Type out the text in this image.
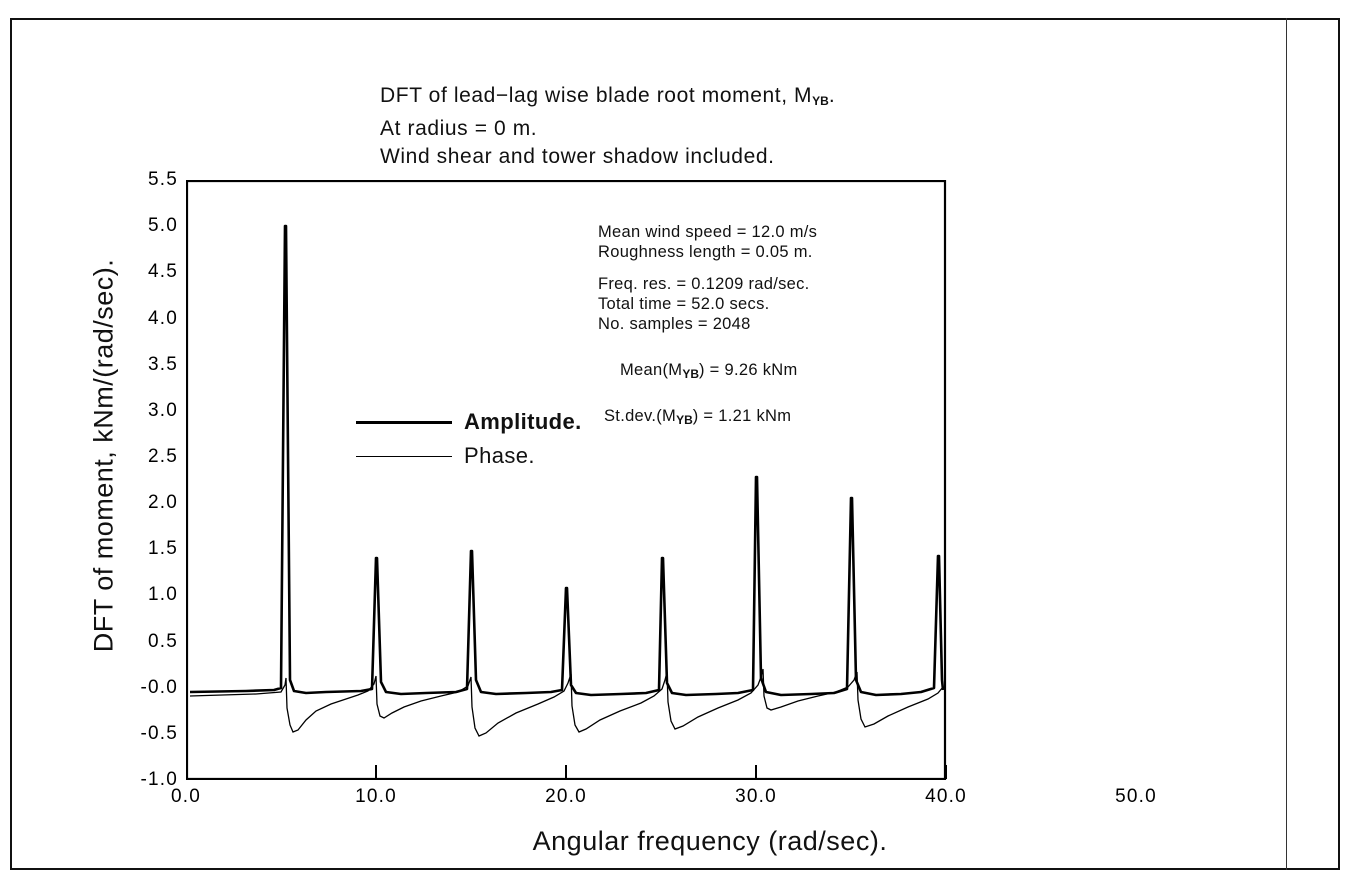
DFT of lead−lag wise blade root moment, $M_{YB}$.
At radius = 0 m.
Wind shear and tower shadow included.
DFT of moment, kNm/(rad/sec).
5.5
5.0
4.5
4.0
3.5
3.0
2.5
2.0
1.5
1.0
0.5
-0.0
-0.5
-1.0
0.0	10.0	20.0	30.0	40.0	50.0
Angular frequency (rad/sec).
Mean wind speed = 12.0 m/s
Roughness length = 0.05 m.
Freq. res. = 0.1209 rad/sec.
Total time = 52.0 secs.
No. samples = 2048
$Mean(M_{YB}) = 9.26$ kNm
$St.dev.(M_{YB}) = 1.21$ kNm
Amplitude.
Phase.
